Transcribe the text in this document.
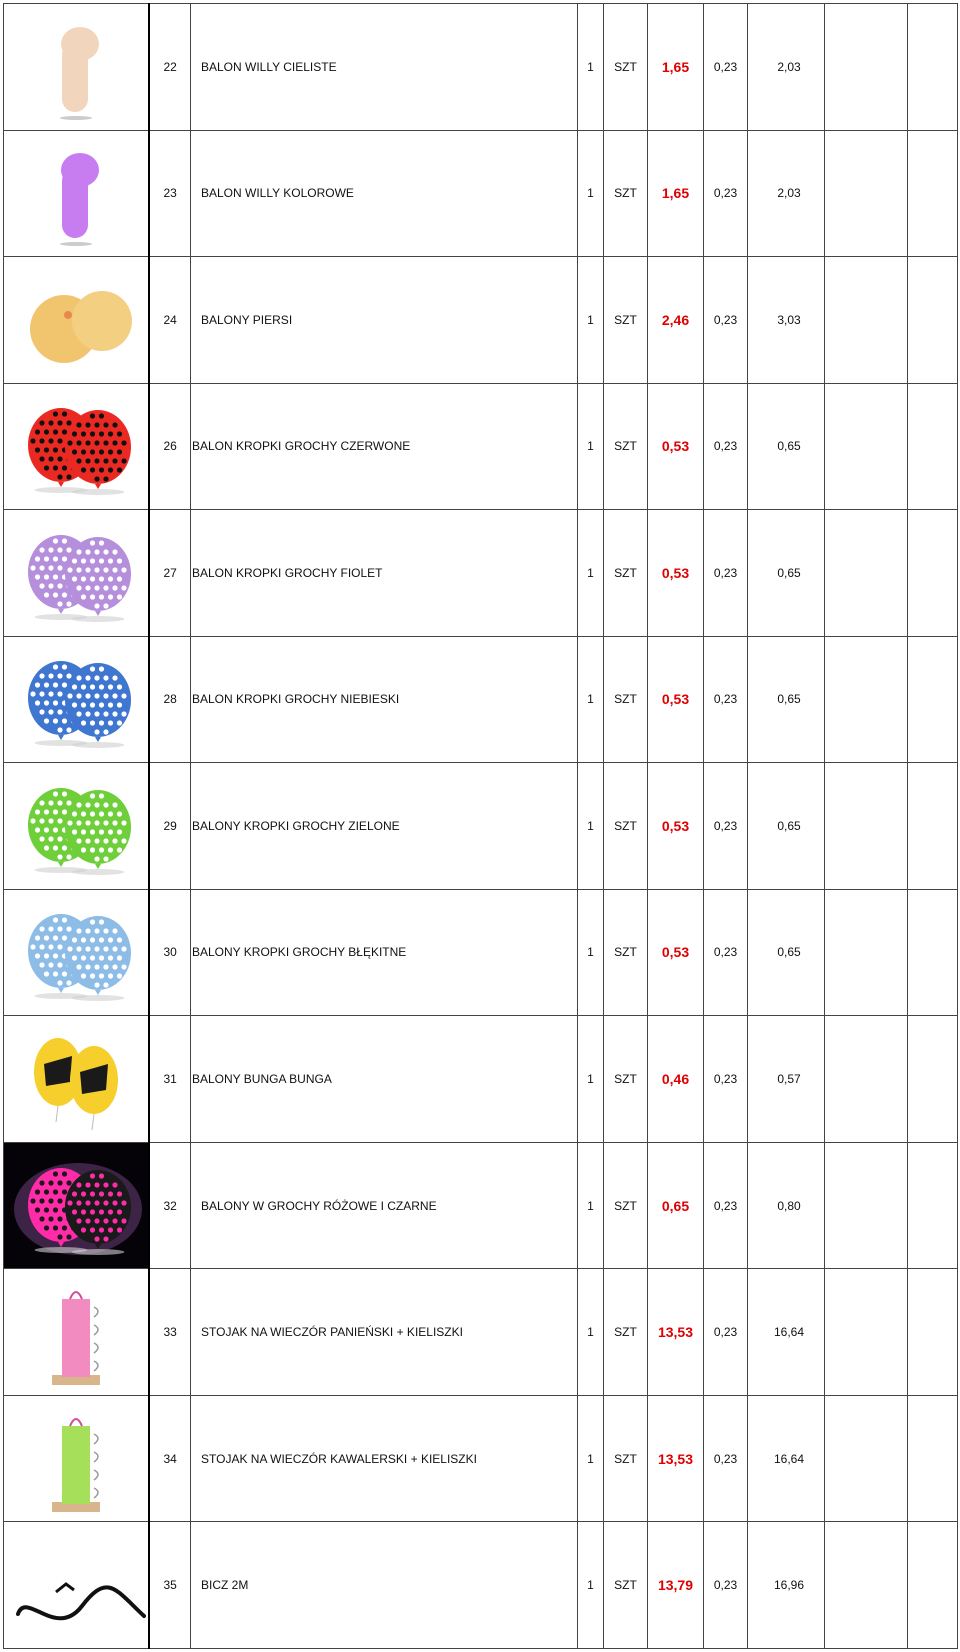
	22	BALON WILLY CIELISTE	1	SZT	1,65	0,23	2,03		

	23	BALON WILLY KOLOROWE	1	SZT	1,65	0,23	2,03		

	24	BALONY PIERSI	1	SZT	2,46	0,23	3,03		

	26	BALON KROPKI GROCHY CZERWONE	1	SZT	0,53	0,23	0,65		

	27	BALON KROPKI GROCHY FIOLET	1	SZT	0,53	0,23	0,65		

	28	BALON KROPKI GROCHY NIEBIESKI	1	SZT	0,53	0,23	0,65		

	29	BALONY KROPKI GROCHY ZIELONE	1	SZT	0,53	0,23	0,65		

	30	BALONY KROPKI GROCHY BŁĘKITNE	1	SZT	0,53	0,23	0,65		

	31	BALONY BUNGA BUNGA	1	SZT	0,46	0,23	0,57		

	32	BALONY W GROCHY RÓŻOWE I CZARNE	1	SZT	0,65	0,23	0,80		

	33	STOJAK NA WIECZÓR PANIEŃSKI + KIELISZKI	1	SZT	13,53	0,23	16,64		

	34	STOJAK NA WIECZÓR KAWALERSKI + KIELISZKI	1	SZT	13,53	0,23	16,64		

	35	BICZ 2M	1	SZT	13,79	0,23	16,96		
